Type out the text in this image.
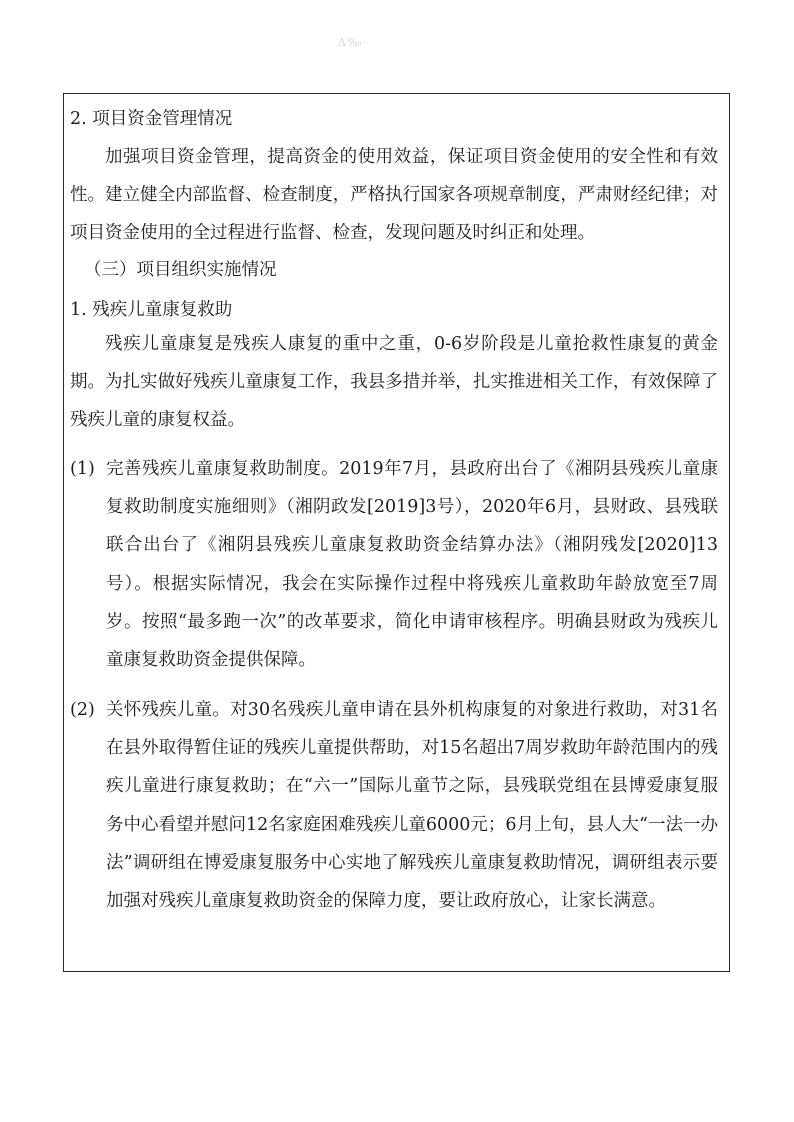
Δ‰·

2. 项目资金管理情况

加强项目资金管理，提高资金的使用效益，保证项目资金使用的安全性和有效性。建立健全内部监督、检查制度，严格执行国家各项规章制度，严肃财经纪律；对项目资金使用的全过程进行监督、检查，发现问题及时纠正和处理。

（三）项目组织实施情况

1. 残疾儿童康复救助

残疾儿童康复是残疾人康复的重中之重，0-6岁阶段是儿童抢救性康复的黄金期。为扎实做好残疾儿童康复工作，我县多措并举，扎实推进相关工作，有效保障了残疾儿童的康复权益。

(1) 完善残疾儿童康复救助制度。2019年7月，县政府出台了《湘阴县残疾儿童康复救助制度实施细则》（湘阴政发[2019]3号），2020年6月，县财政、县残联联合出台了《湘阴县残疾儿童康复救助资金结算办法》（湘阴残发[2020]13号）。根据实际情况，我会在实际操作过程中将残疾儿童救助年龄放宽至7周岁。按照“最多跑一次”的改革要求，简化申请审核程序。明确县财政为残疾儿童康复救助资金提供保障。
(2) 关怀残疾儿童。对30名残疾儿童申请在县外机构康复的对象进行救助，对31名在县外取得暂住证的残疾儿童提供帮助，对15名超出7周岁救助年龄范围内的残疾儿童进行康复救助；在“六一”国际儿童节之际，县残联党组在县博爱康复服务中心看望并慰问12名家庭困难残疾儿童6000元；6月上旬，县人大“一法一办法”调研组在博爱康复服务中心实地了解残疾儿童康复救助情况，调研组表示要加强对残疾儿童康复救助资金的保障力度，要让政府放心，让家长满意。
